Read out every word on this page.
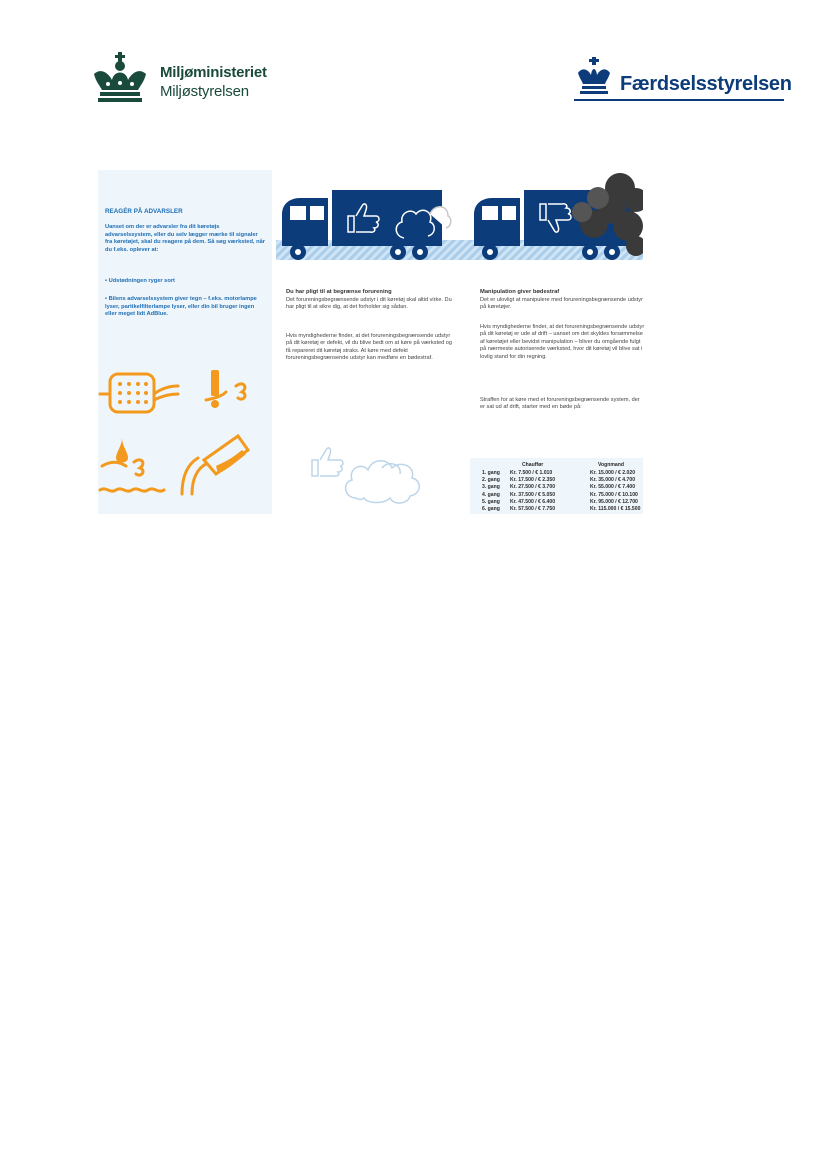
Miljøministeriet
Miljøstyrelsen	Færdselsstyrelsen
REAGÉR PÅ ADVARSLER
Uanset om der er advarsler fra dit køretøjs advarselssystem, eller du selv lægger mærke til signaler fra køretøjet, skal du reagere på dem. Så søg værksted, når du f.eks. oplever at:
• Udstødningen ryger sort
• Bilens advarselssystem giver tegn – f.eks. motorlampe lyser, partikelfilterlampe lyser, eller din bil bruger ingen eller meget lidt AdBlue.
Du har pligt til at begrænse forurening
Det forureningsbegrænsende udstyr i dit køretøj skal altid virke. Du har pligt til at sikre dig, at det forholder sig sådan.
Hvis myndighederne finder, at det forureningsbegrænsende udstyr på dit køretøj er defekt, vil du blive bedt om at køre på værksted og få repareret dit køretøj straks. At køre med defekt forureningsbegrænsende udstyr kan medføre en bødestraf.
Manipulation giver bødestraf
Det er ulovligt at manipulere med forureningsbegrænsende udstyr på køretøjer.
Hvis myndighederne finder, at det forureningsbegrænsende udstyr på dit køretøj er ude af drift – uanset om det skyldes forsømmelse af køretøjet eller bevidst manipulation – bliver du omgående fulgt på nærmeste autoriserede værksted, hvor dit køretøj vil blive sat i lovlig stand for din regning.
Straffen for at køre med et forureningsbegrænsende system, der er sat ud af drift, starter med en bøde på:
	Chauffør	Vognmand
1. gang	Kr. 7.500 / € 1.010	Kr. 15.000 / € 2.020
2. gang	Kr. 17.500 / € 2.350	Kr. 35.000 / € 4.700
3. gang	Kr. 27.500 / € 3.700	Kr. 55.000 / € 7.400
4. gang	Kr. 37.500 / € 5.050	Kr. 75.000 / € 10.100
5. gang	Kr. 47.500 / € 6.400	Kr. 95.000 / € 12.700
6. gang	Kr. 57.500 / € 7.750	Kr. 115.000 / € 15.500
